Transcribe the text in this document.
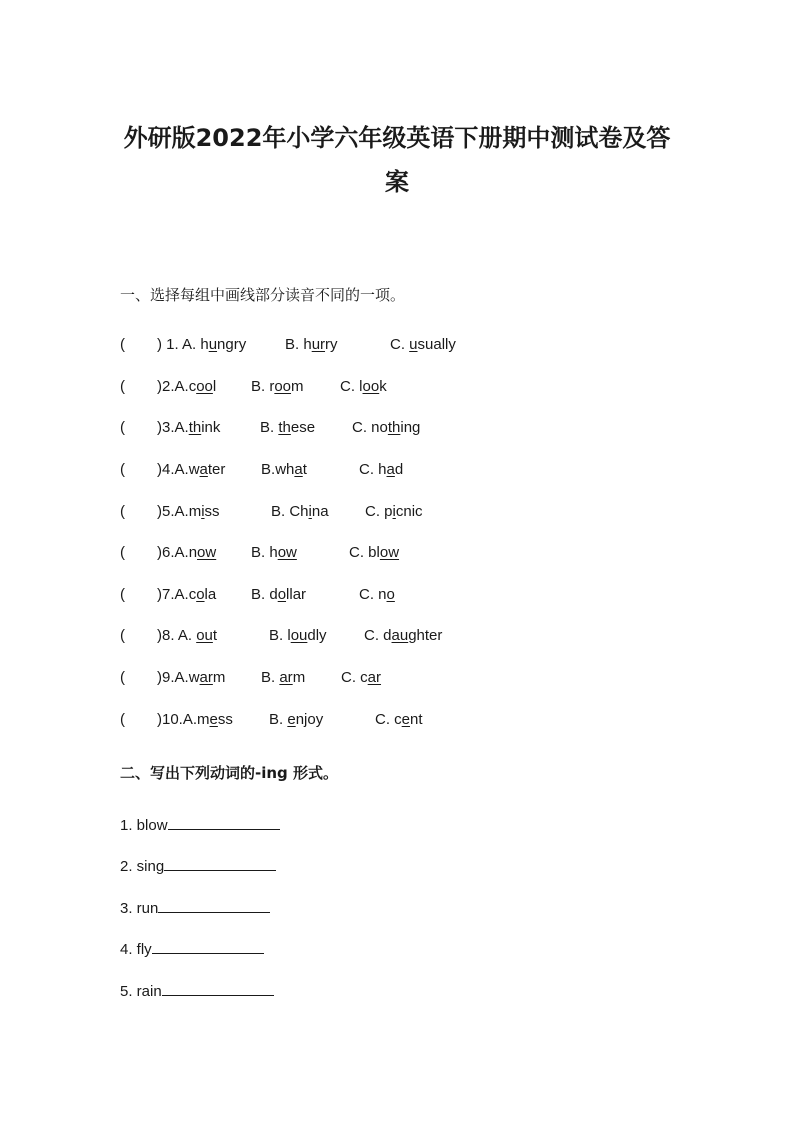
外研版2022年小学六年级英语下册期中测试卷及答
案
一、选择每组中画线部分读音不同的一项。
( ) 1. A. hungry	B. hurry	C. usually
( )2.A.cool B. room C. look
( )3.A.think	B. these C. nothing
( )4.A.water B.what	C. had
( )5.A.miss	B. China C. picnic
( )6.A.now B. how	C. blow
( )7.A.cola B. dollar	C. no
( )8. A. out	B. loudly C. daughter
( )9.A.warm B. arm C. car
( )10.A.mess B. enjoy	C. cent
二、写出下列动词的-ing 形式。
1. blow
2. sing
3. run
4. fly
5. rain
